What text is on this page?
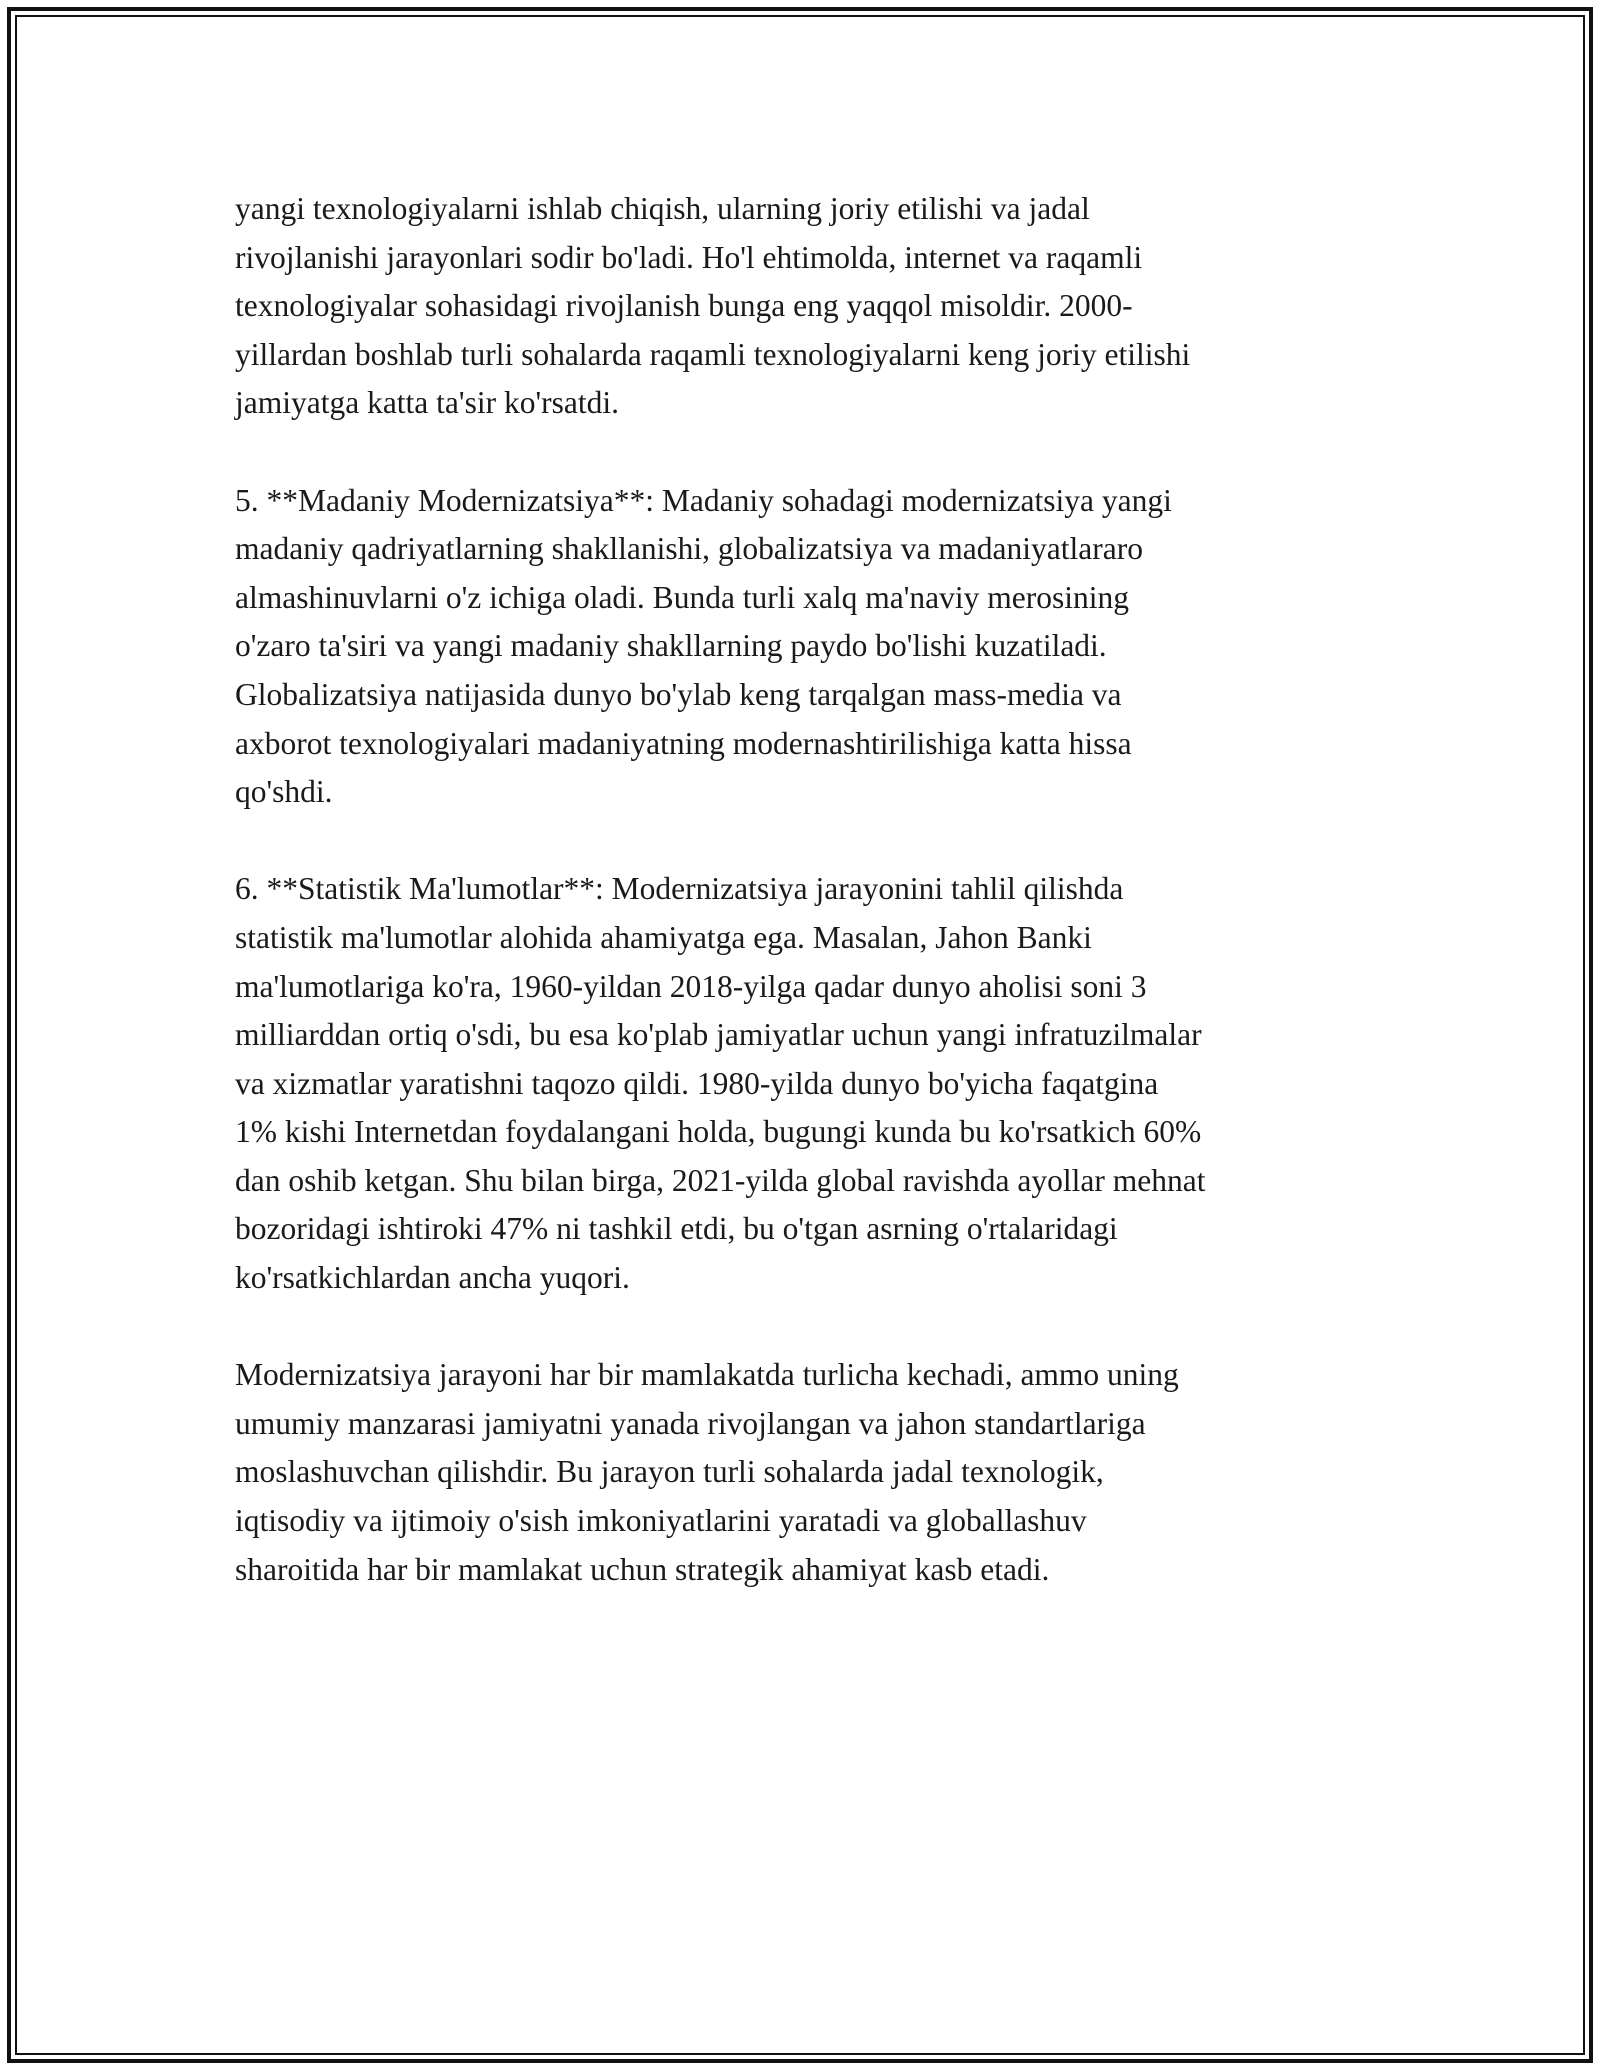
yangi texnologiyalarni ishlab chiqish, ularning joriy etilishi va jadal
rivojlanishi jarayonlari sodir bo'ladi. Ho'l ehtimolda, internet va raqamli
texnologiyalar sohasidagi rivojlanish bunga eng yaqqol misoldir. 2000-
yillardan boshlab turli sohalarda raqamli texnologiyalarni keng joriy etilishi
jamiyatga katta ta'sir ko'rsatdi.

5. **Madaniy Modernizatsiya**: Madaniy sohadagi modernizatsiya yangi
madaniy qadriyatlarning shakllanishi, globalizatsiya va madaniyatlararo
almashinuvlarni o'z ichiga oladi. Bunda turli xalq ma'naviy merosining
o'zaro ta'siri va yangi madaniy shakllarning paydo bo'lishi kuzatiladi.
Globalizatsiya natijasida dunyo bo'ylab keng tarqalgan mass-media va
axborot texnologiyalari madaniyatning modernashtirilishiga katta hissa
qo'shdi.

6. **Statistik Ma'lumotlar**: Modernizatsiya jarayonini tahlil qilishda
statistik ma'lumotlar alohida ahamiyatga ega. Masalan, Jahon Banki
ma'lumotlariga ko'ra, 1960-yildan 2018-yilga qadar dunyo aholisi soni 3
milliarddan ortiq o'sdi, bu esa ko'plab jamiyatlar uchun yangi infratuzilmalar
va xizmatlar yaratishni taqozo qildi. 1980-yilda dunyo bo'yicha faqatgina
1% kishi Internetdan foydalangani holda, bugungi kunda bu ko'rsatkich 60%
dan oshib ketgan. Shu bilan birga, 2021-yilda global ravishda ayollar mehnat
bozoridagi ishtiroki 47% ni tashkil etdi, bu o'tgan asrning o'rtalaridagi
ko'rsatkichlardan ancha yuqori.

Modernizatsiya jarayoni har bir mamlakatda turlicha kechadi, ammo uning
umumiy manzarasi jamiyatni yanada rivojlangan va jahon standartlariga
moslashuvchan qilishdir. Bu jarayon turli sohalarda jadal texnologik,
iqtisodiy va ijtimoiy o'sish imkoniyatlarini yaratadi va globallashuv
sharoitida har bir mamlakat uchun strategik ahamiyat kasb etadi.
